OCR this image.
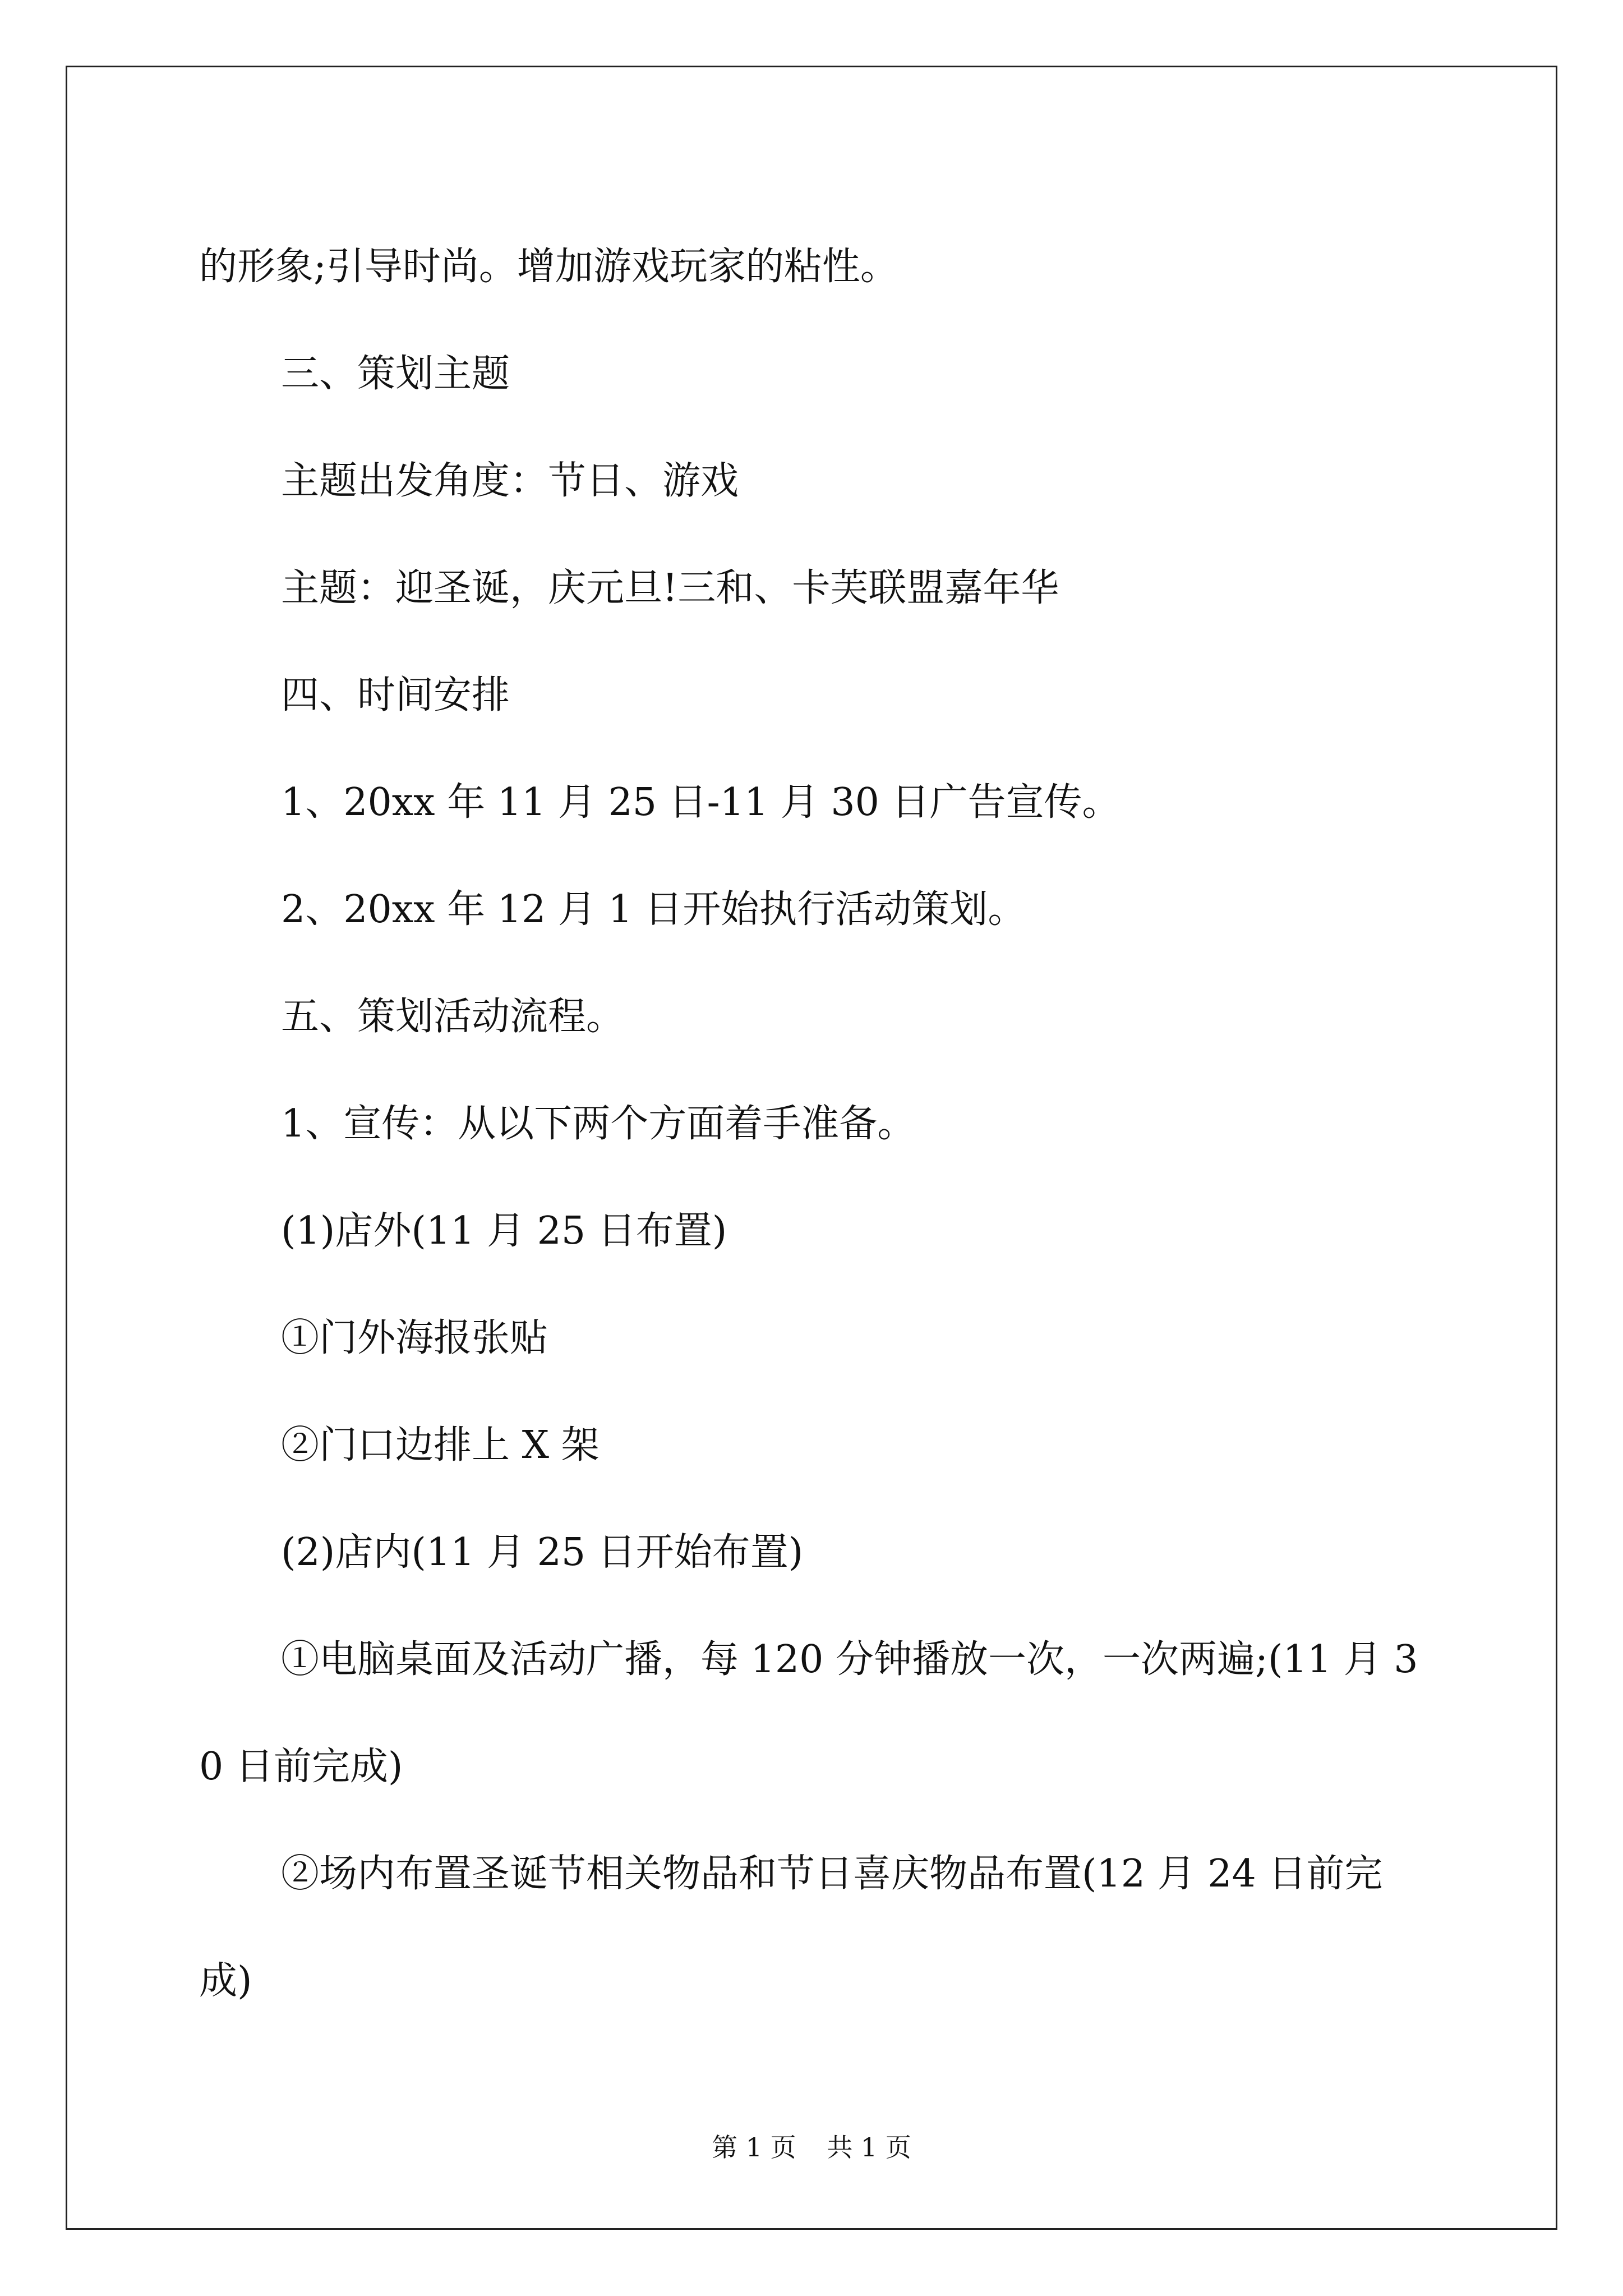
的形象;引导时尚。增加游戏玩家的粘性。

三、策划主题

主题出发角度：节日、游戏

主题：迎圣诞，庆元旦!三和、卡芙联盟嘉年华

四、时间安排

1、20xx 年 11 月 25 日-11 月 30 日广告宣传。

2、20xx 年 12 月 1 日开始执行活动策划。

五、策划活动流程。

1、宣传：从以下两个方面着手准备。

(1)店外(11 月 25 日布置)

①门外海报张贴

②门口边排上 X 架

(2)店内(11 月 25 日开始布置)

①电脑桌面及活动广播，每 120 分钟播放一次，一次两遍;(11 月 30 日前完成)

②场内布置圣诞节相关物品和节日喜庆物品布置(12 月 24 日前完成)

第 1 页 共 1 页
